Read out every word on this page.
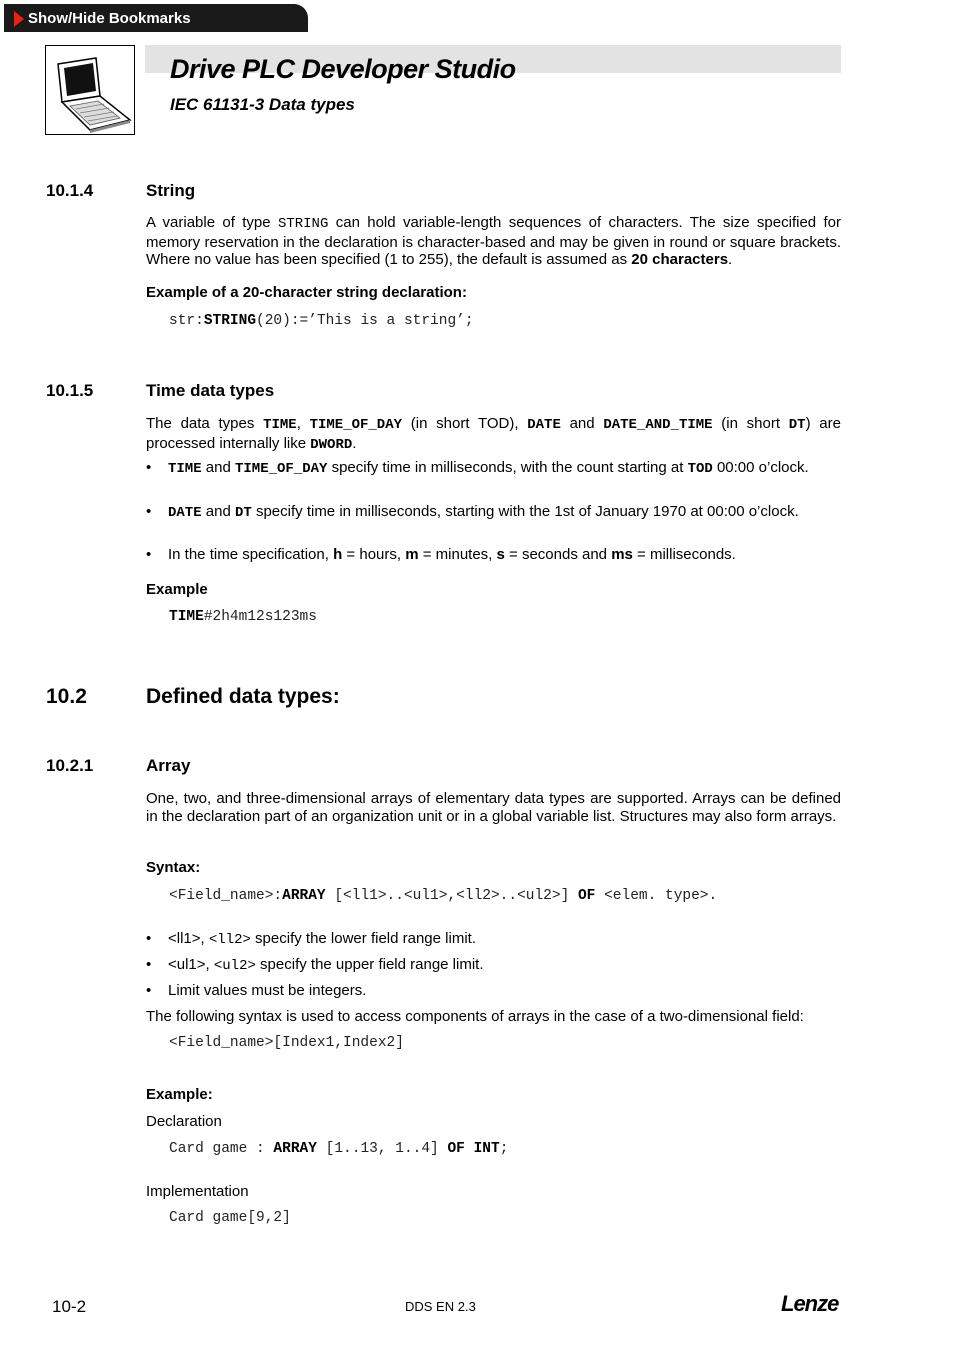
Show/Hide Bookmarks
Drive PLC Developer Studio
IEC 61131-3 Data types
10.1.4	String
A variable of type STRING can hold variable-length sequences of characters. The size specified for memory reservation in the declaration is character-based and may be given in round or square brackets. Where no value has been specified (1 to 255), the default is assumed as 20 characters.
Example of a 20-character string declaration:
str:STRING(20):=’This is a string’;
10.1.5	Time data types
The data types TIME, TIME_OF_DAY (in short TOD), DATE and DATE_AND_TIME (in short DT) are processed internally like DWORD.
• TIME and TIME_OF_DAY specify time in milliseconds, with the count starting at TOD 00:00 o’clock.
• DATE and DT specify time in milliseconds, starting with the 1st of January 1970 at 00:00 o’clock.
• In the time specification, h = hours, m = minutes, s = seconds and ms = milliseconds.
Example
TIME#2h4m12s123ms
10.2	Defined data types:
10.2.1	Array
One, two, and three-dimensional arrays of elementary data types are supported. Arrays can be defined in the declaration part of an organization unit or in a global variable list. Structures may also form arrays.
Syntax:
<Field_name>:ARRAY [<ll1>..<ul1>,<ll2>..<ul2>] OF <elem. type>.
• <ll1>, <ll2> specify the lower field range limit.
• <ul1>, <ul2> specify the upper field range limit.
• Limit values must be integers.
The following syntax is used to access components of arrays in the case of a two-dimensional field:
<Field_name>[Index1,Index2]
Example:
Declaration
Card game : ARRAY [1..13, 1..4] OF INT;
Implementation
Card game[9,2]
10-2	DDS EN 2.3	Lenze
